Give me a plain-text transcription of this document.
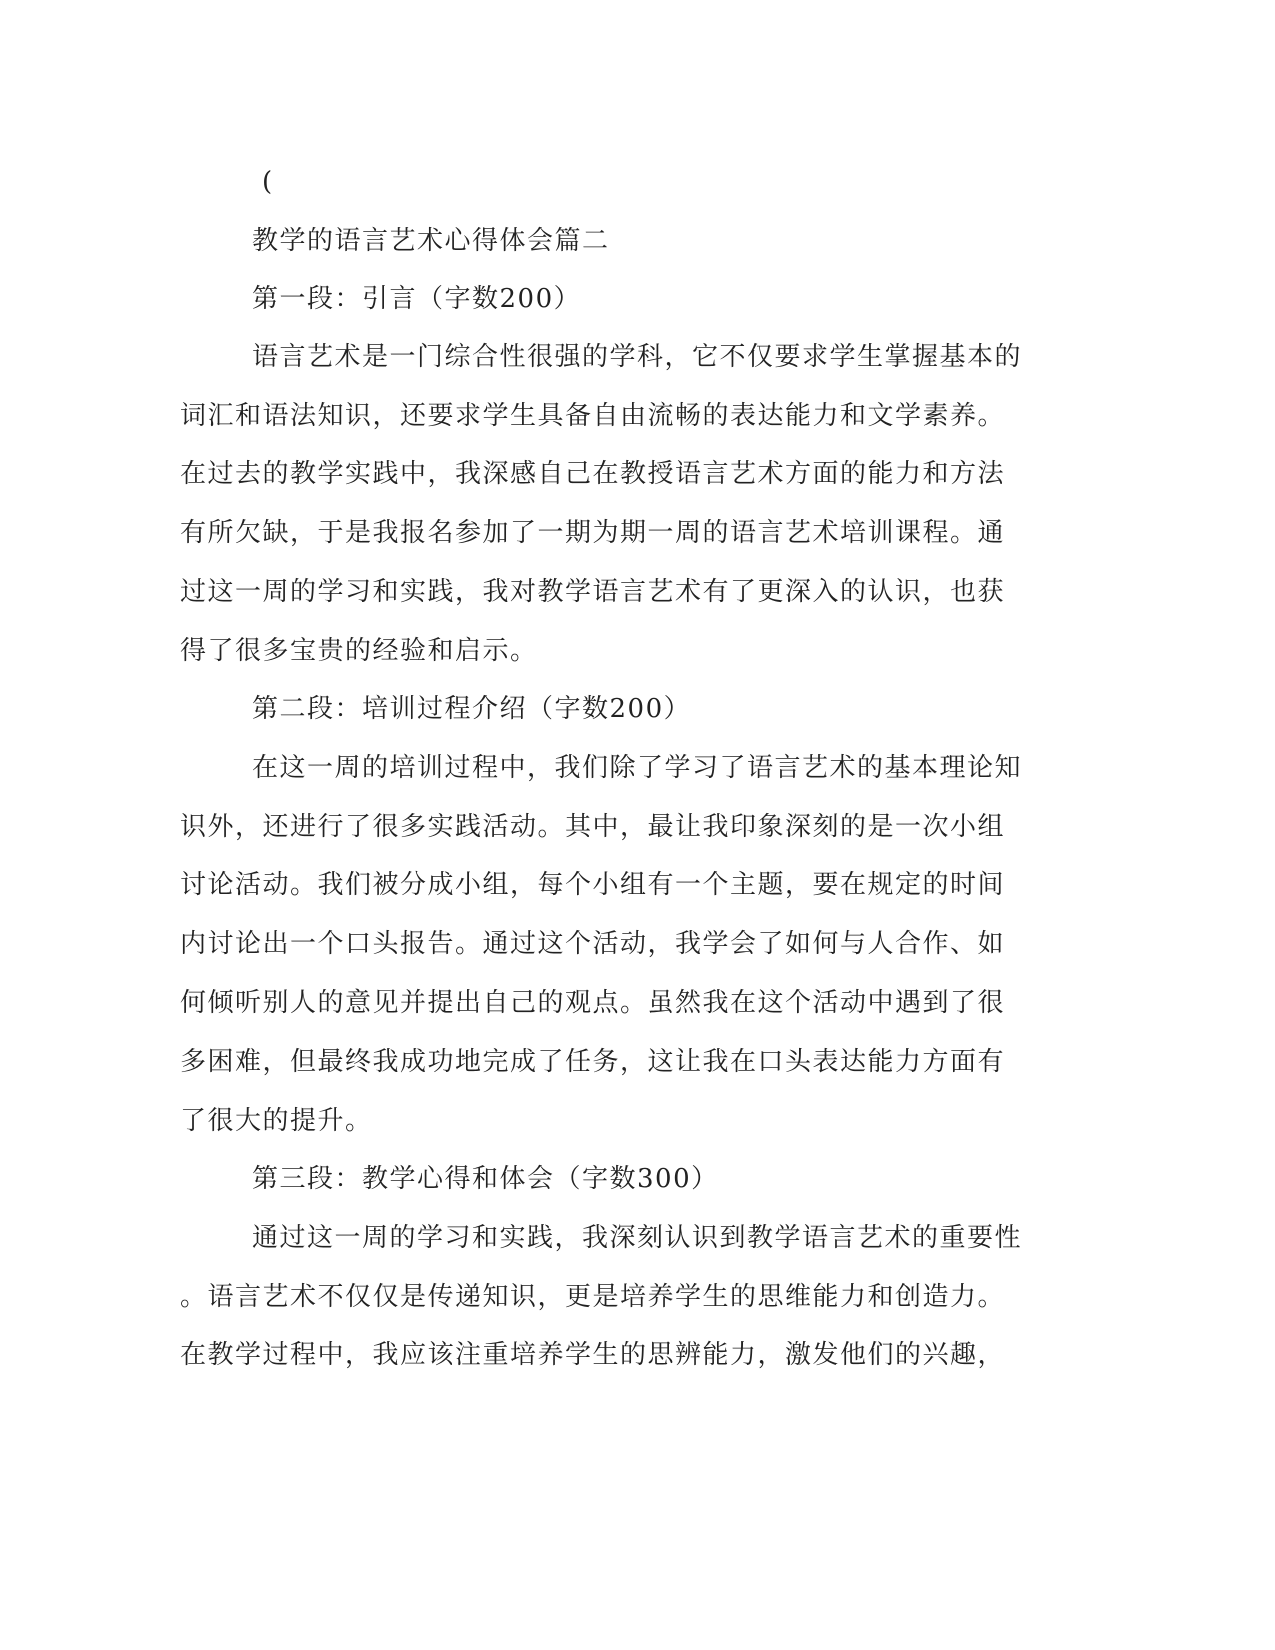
(
教学的语言艺术心得体会篇二
第一段：引言（字数200）
语言艺术是一门综合性很强的学科，它不仅要求学生掌握基本的
词汇和语法知识，还要求学生具备自由流畅的表达能力和文学素养。
在过去的教学实践中，我深感自己在教授语言艺术方面的能力和方法
有所欠缺，于是我报名参加了一期为期一周的语言艺术培训课程。通
过这一周的学习和实践，我对教学语言艺术有了更深入的认识，也获
得了很多宝贵的经验和启示。
第二段：培训过程介绍（字数200）
在这一周的培训过程中，我们除了学习了语言艺术的基本理论知
识外，还进行了很多实践活动。其中，最让我印象深刻的是一次小组
讨论活动。我们被分成小组，每个小组有一个主题，要在规定的时间
内讨论出一个口头报告。通过这个活动，我学会了如何与人合作、如
何倾听别人的意见并提出自己的观点。虽然我在这个活动中遇到了很
多困难，但最终我成功地完成了任务，这让我在口头表达能力方面有
了很大的提升。
第三段：教学心得和体会（字数300）
通过这一周的学习和实践，我深刻认识到教学语言艺术的重要性
。语言艺术不仅仅是传递知识，更是培养学生的思维能力和创造力。
在教学过程中，我应该注重培养学生的思辨能力，激发他们的兴趣，
